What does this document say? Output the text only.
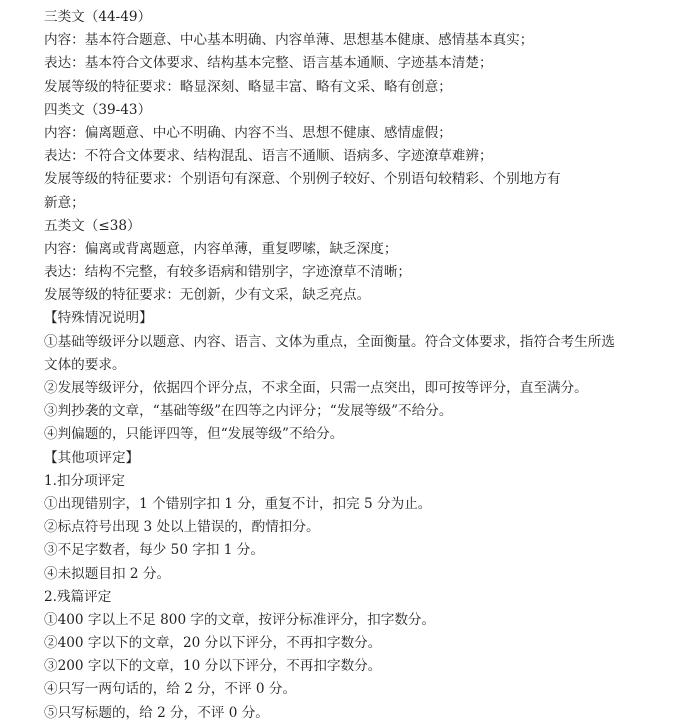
三类文（44-49）
内容：基本符合题意、中心基本明确、内容单薄、思想基本健康、感情基本真实；
表达：基本符合文体要求、结构基本完整、语言基本通顺、字迹基本清楚；
发展等级的特征要求：略显深刻、略显丰富、略有文采、略有创意；
四类文（39-43）
内容：偏离题意、中心不明确、内容不当、思想不健康、感情虚假；
表达：不符合文体要求、结构混乱、语言不通顺、语病多、字迹潦草难辨；
发展等级的特征要求：个别语句有深意、个别例子较好、个别语句较精彩、个别地方有
新意；
五类文（≤38）
内容：偏离或背离题意，内容单薄，重复啰嗦，缺乏深度；
表达：结构不完整，有较多语病和错别字，字迹潦草不清晰；
发展等级的特征要求：无创新，少有文采，缺乏亮点。
【特殊情况说明】
①基础等级评分以题意、内容、语言、文体为重点，全面衡量。符合文体要求，指符合考生所选
文体的要求。
②发展等级评分，依据四个评分点，不求全面，只需一点突出，即可按等评分，直至满分。
③判抄袭的文章，“基础等级”在四等之内评分；“发展等级”不给分。
④判偏题的，只能评四等，但“发展等级”不给分。
【其他项评定】
1.扣分项评定
①出现错别字，1 个错别字扣 1 分，重复不计，扣完 5 分为止。
②标点符号出现 3 处以上错误的，酌情扣分。
③不足字数者，每少 50 字扣 1 分。
④未拟题目扣 2 分。
2.残篇评定
①400 字以上不足 800 字的文章，按评分标准评分，扣字数分。
②400 字以下的文章，20 分以下评分，不再扣字数分。
③200 字以下的文章，10 分以下评分，不再扣字数分。
④只写一两句话的，给 2 分，不评 0 分。
⑤只写标题的，给 2 分，不评 0 分。
